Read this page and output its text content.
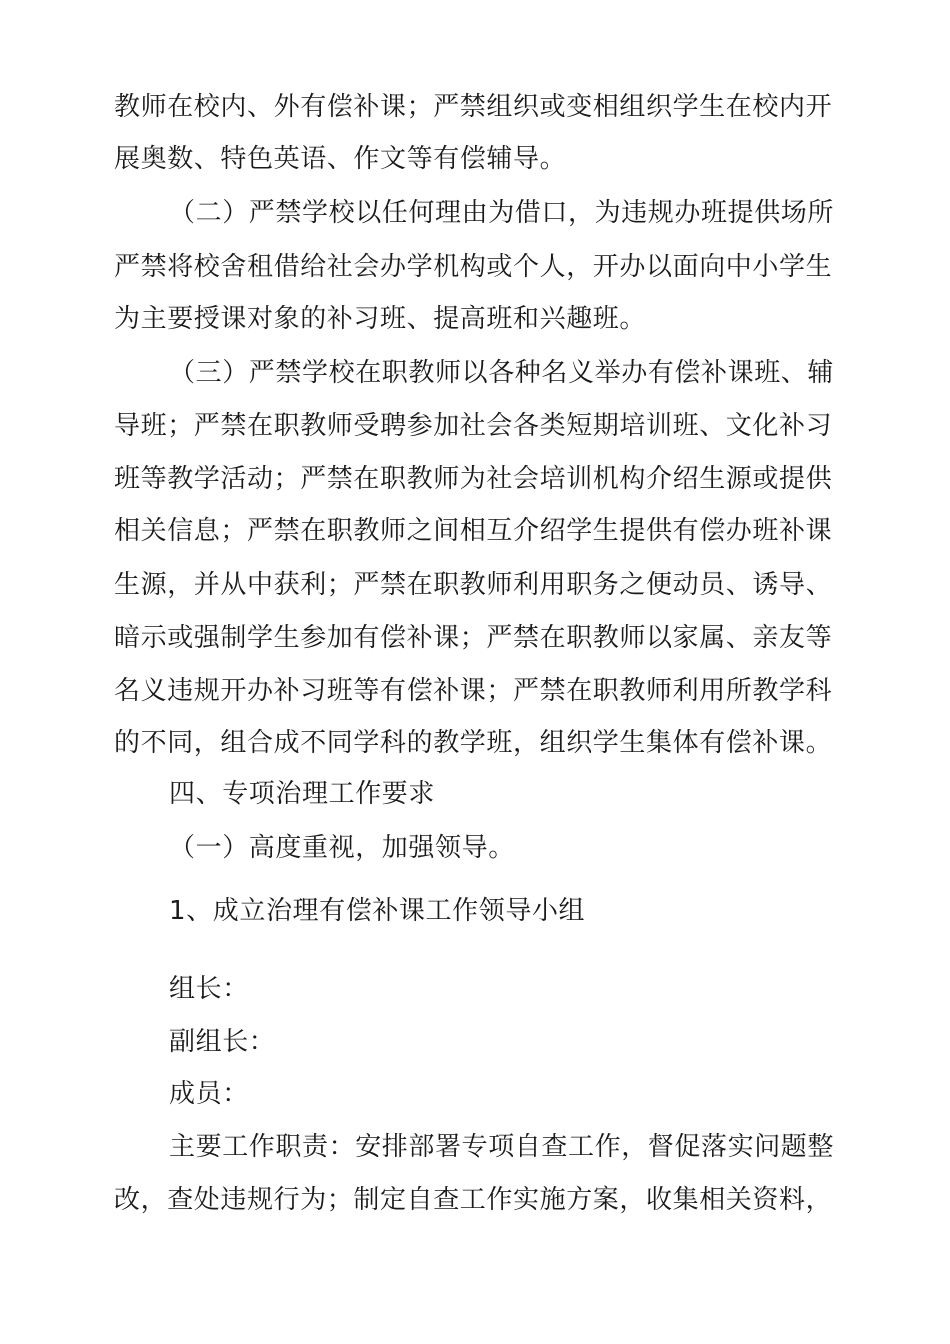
教师在校内、外有偿补课；严禁组织或变相组织学生在校内开
展奥数、特色英语、作文等有偿辅导。
（二）严禁学校以任何理由为借口，为违规办班提供场所
严禁将校舍租借给社会办学机构或个人，开办以面向中小学生
为主要授课对象的补习班、提高班和兴趣班。
（三）严禁学校在职教师以各种名义举办有偿补课班、辅
导班；严禁在职教师受聘参加社会各类短期培训班、文化补习
班等教学活动；严禁在职教师为社会培训机构介绍生源或提供
相关信息；严禁在职教师之间相互介绍学生提供有偿办班补课
生源，并从中获利；严禁在职教师利用职务之便动员、诱导、
暗示或强制学生参加有偿补课；严禁在职教师以家属、亲友等
名义违规开办补习班等有偿补课；严禁在职教师利用所教学科
的不同，组合成不同学科的教学班，组织学生集体有偿补课。
四、专项治理工作要求
（一）高度重视，加强领导。
1、成立治理有偿补课工作领导小组
组长：
副组长：
成员：
主要工作职责：安排部署专项自查工作，督促落实问题整
改，查处违规行为；制定自查工作实施方案，收集相关资料，
